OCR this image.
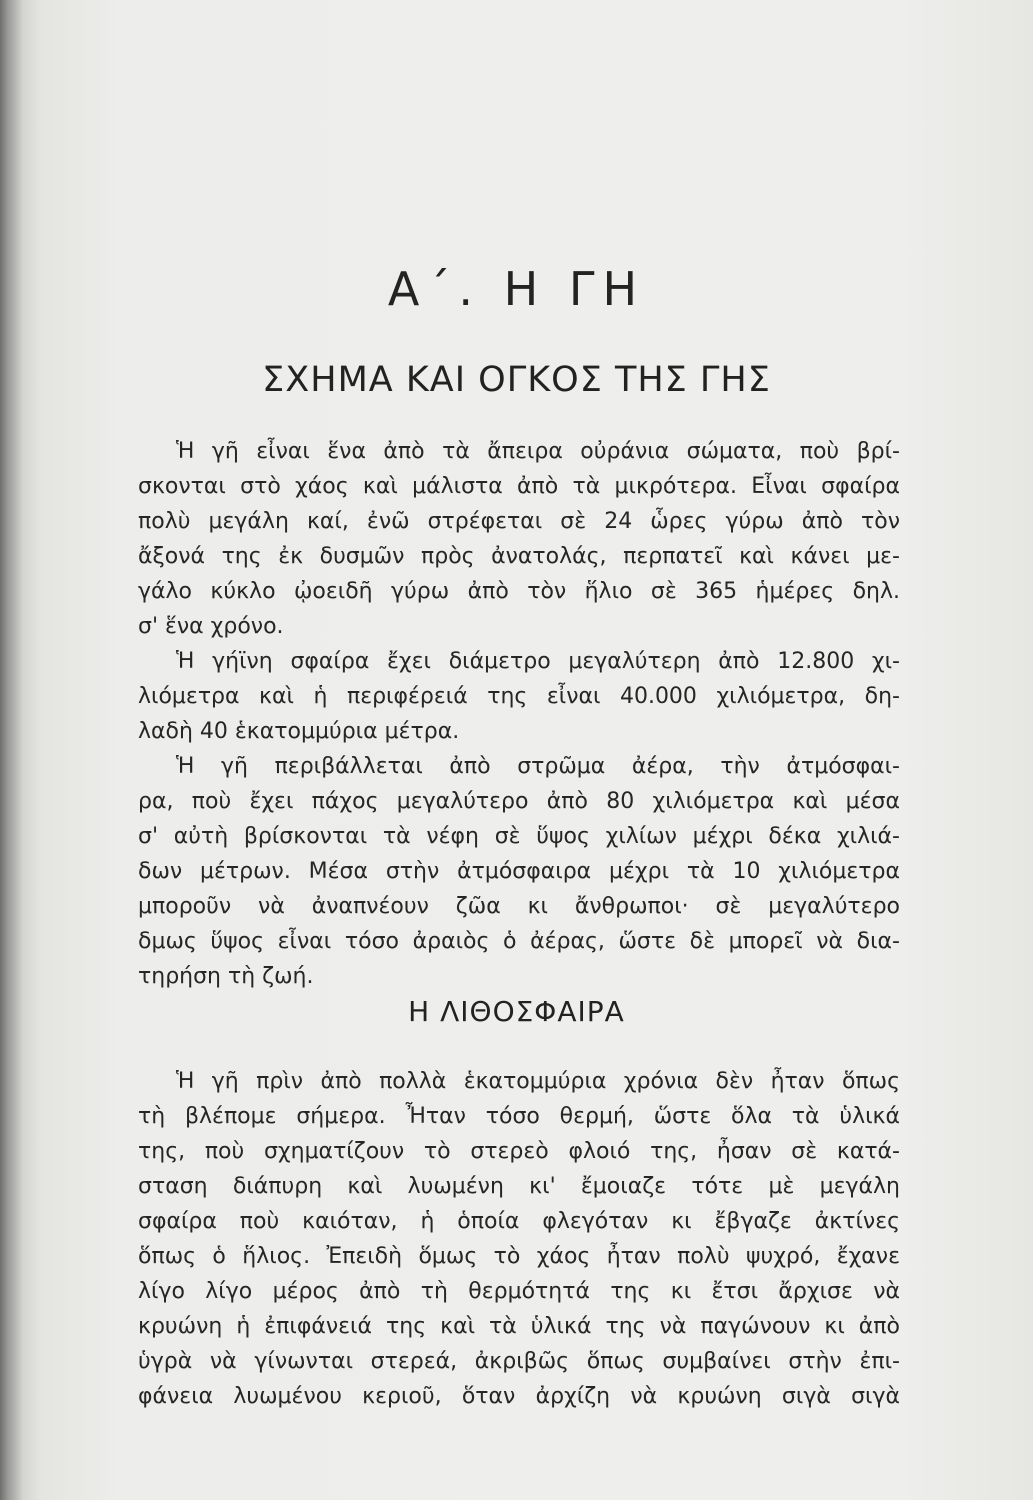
Α΄. Η ΓΗ
ΣΧΗΜΑ ΚΑΙ ΟΓΚΟΣ ΤΗΣ ΓΗΣ
Ἡ γῆ εἶναι ἕνα ἀπὸ τὰ ἄπειρα οὐράνια σώματα, ποὺ βρί-
σκονται στὸ χάος καὶ μάλιστα ἀπὸ τὰ μικρότερα. Εἶναι σφαίρα
πολὺ μεγάλη καί, ἐνῶ στρέφεται σὲ 24 ὧρες γύρω ἀπὸ τὸν
ἄξονά της ἐκ δυσμῶν πρὸς ἀνατολάς, περπατεῖ καὶ κάνει με-
γάλο κύκλο ᾠοειδῆ γύρω ἀπὸ τὸν ἥλιο σὲ 365 ἡμέρες δηλ.
σ' ἕνα χρόνο.
Ἡ γήϊνη σφαίρα ἔχει διάμετρο μεγαλύτερη ἀπὸ 12.800 χι-
λιόμετρα καὶ ἡ περιφέρειά της εἶναι 40.000 χιλιόμετρα, δη-
λαδὴ 40 ἑκατομμύρια μέτρα.
Ἡ γῆ περιβάλλεται ἀπὸ στρῶμα ἀέρα, τὴν ἀτμόσφαι-
ρα, ποὺ ἔχει πάχος μεγαλύτερο ἀπὸ 80 χιλιόμετρα καὶ μέσα
σ' αὐτὴ βρίσκονται τὰ νέφη σὲ ὕψος χιλίων μέχρι δέκα χιλιά-
δων μέτρων. Μέσα στὴν ἀτμόσφαιρα μέχρι τὰ 10 χιλιόμετρα
μποροῦν νὰ ἀναπνέουν ζῶα κι ἄνθρωποι· σὲ μεγαλύτερο
δμως ὕψος εἶναι τόσο ἀραιὸς ὁ ἀέρας, ὥστε δὲ μπορεῖ νὰ δια-
τηρήση τὴ ζωή.
Η ΛΙΘΟΣΦΑΙΡΑ
Ἡ γῆ πρὶν ἀπὸ πολλὰ ἑκατομμύρια χρόνια δὲν ἦταν ὅπως
τὴ βλέπομε σήμερα. Ἦταν τόσο θερμή, ὥστε ὅλα τὰ ὑλικά
της, ποὺ σχηματίζουν τὸ στερεὸ φλοιό της, ἦσαν σὲ κατά-
σταση διάπυρη καὶ λυωμένη κι' ἔμοιαζε τότε μὲ μεγάλη
σφαίρα ποὺ καιόταν, ἡ ὁποία φλεγόταν κι ἔβγαζε ἀκτίνες
ὅπως ὁ ἥλιος. Ἐπειδὴ ὅμως τὸ χάος ἦταν πολὺ ψυχρό, ἔχανε
λίγο λίγο μέρος ἀπὸ τὴ θερμότητά της κι ἔτσι ἄρχισε νὰ
κρυώνη ἡ ἐπιφάνειά της καὶ τὰ ὑλικά της νὰ παγώνουν κι ἀπὸ
ὑγρὰ νὰ γίνωνται στερεά, ἀκριβῶς ὅπως συμβαίνει στὴν ἐπι-
φάνεια λυωμένου κεριοῦ, ὅταν ἀρχίζη νὰ κρυώνη σιγὰ σιγὰ
